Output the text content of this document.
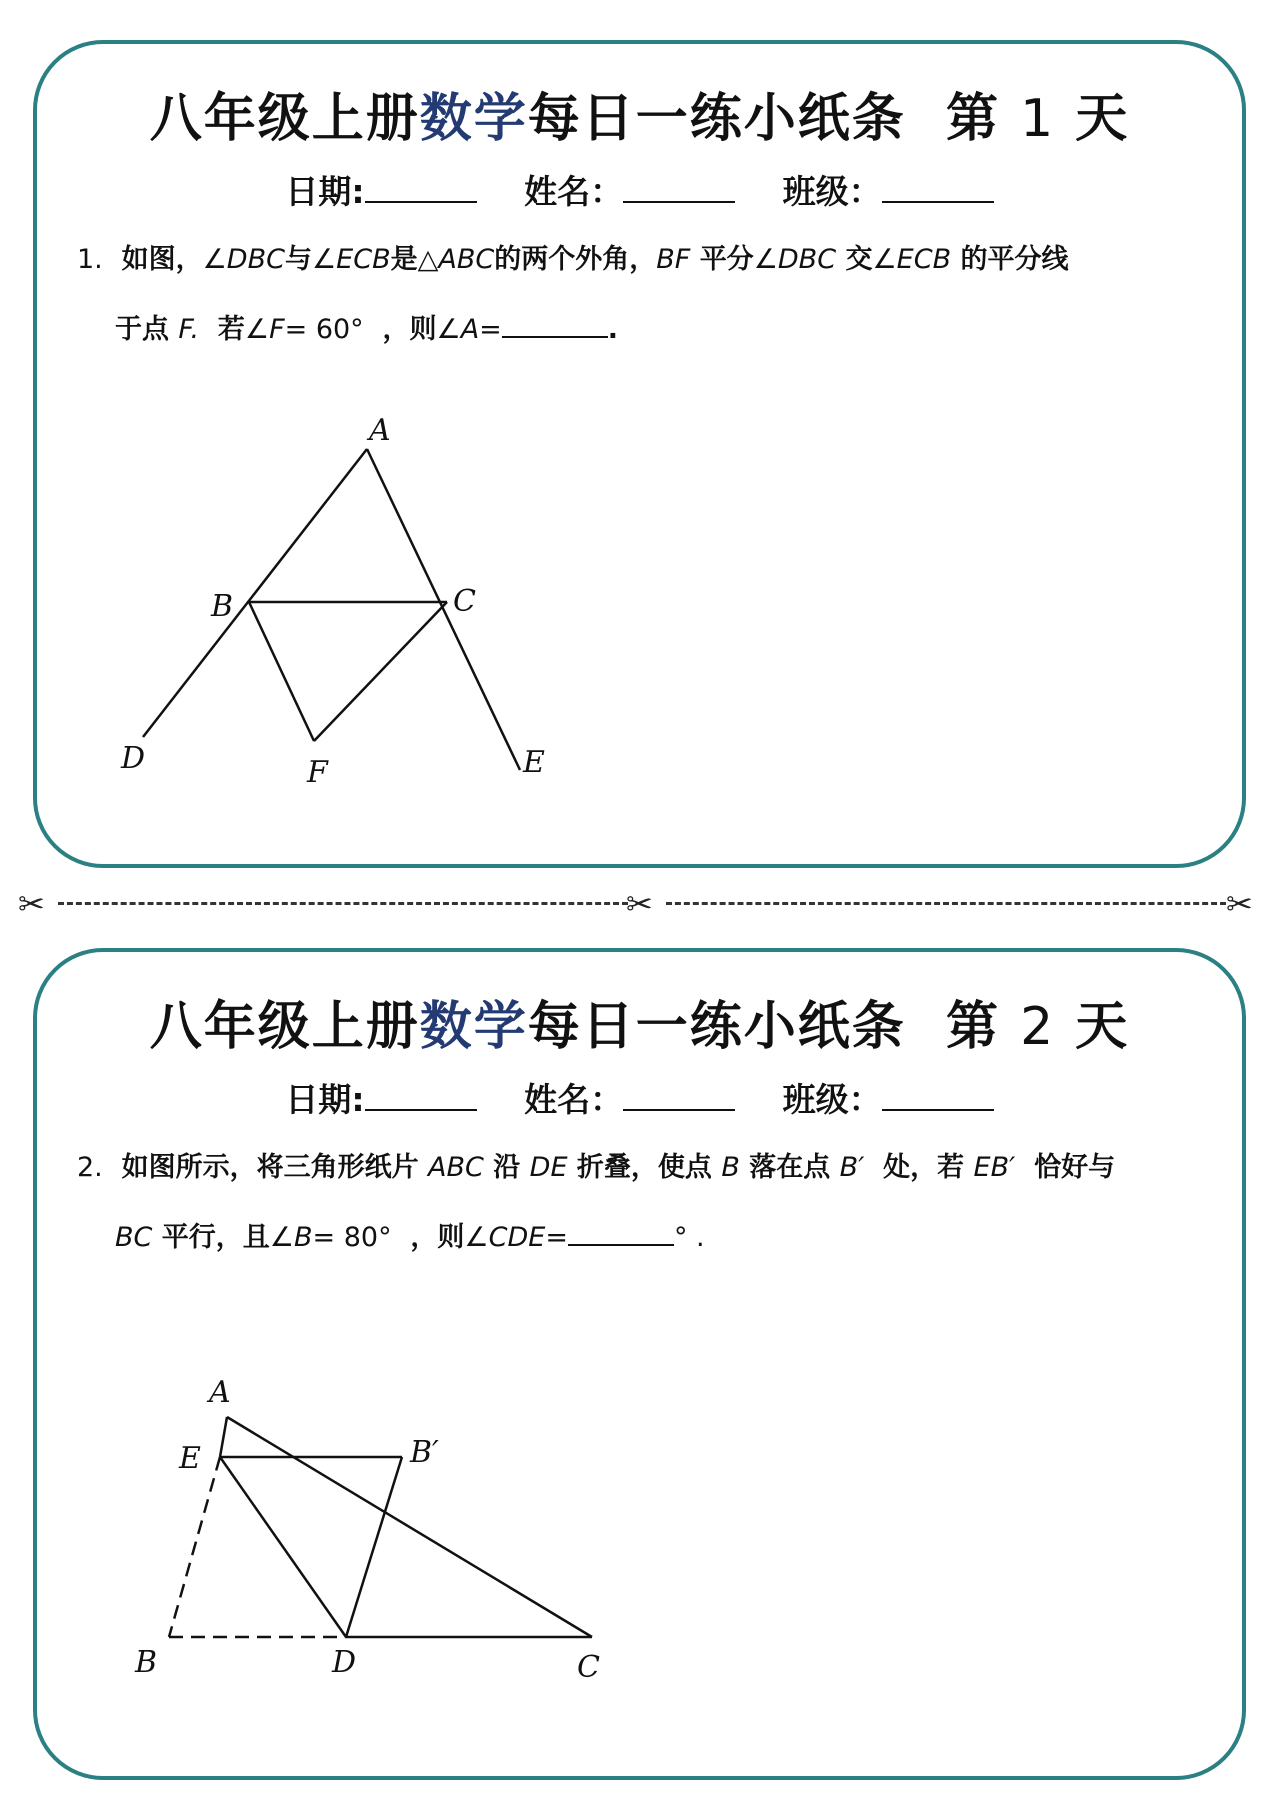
八年级上册数学每日一练小纸条 第 1 天
日期:	姓名：	班级：
1. 如图，∠DBC与∠ECB是△ABC的两个外角，BF 平分∠DBC 交∠ECB 的平分线
于点 F. 若∠F= 60° ，则∠A=	.
A
B	C
D	E
F
✂	✂	✂
八年级上册数学每日一练小纸条 第 2 天
日期:	姓名：	班级：
2. 如图所示，将三角形纸片 ABC 沿 DE 折叠，使点 B 落在点 B′ 处，若 EB′ 恰好与
BC 平行，且∠B= 80° ，则∠CDE=	° .
A
E	B′
B	D	C
